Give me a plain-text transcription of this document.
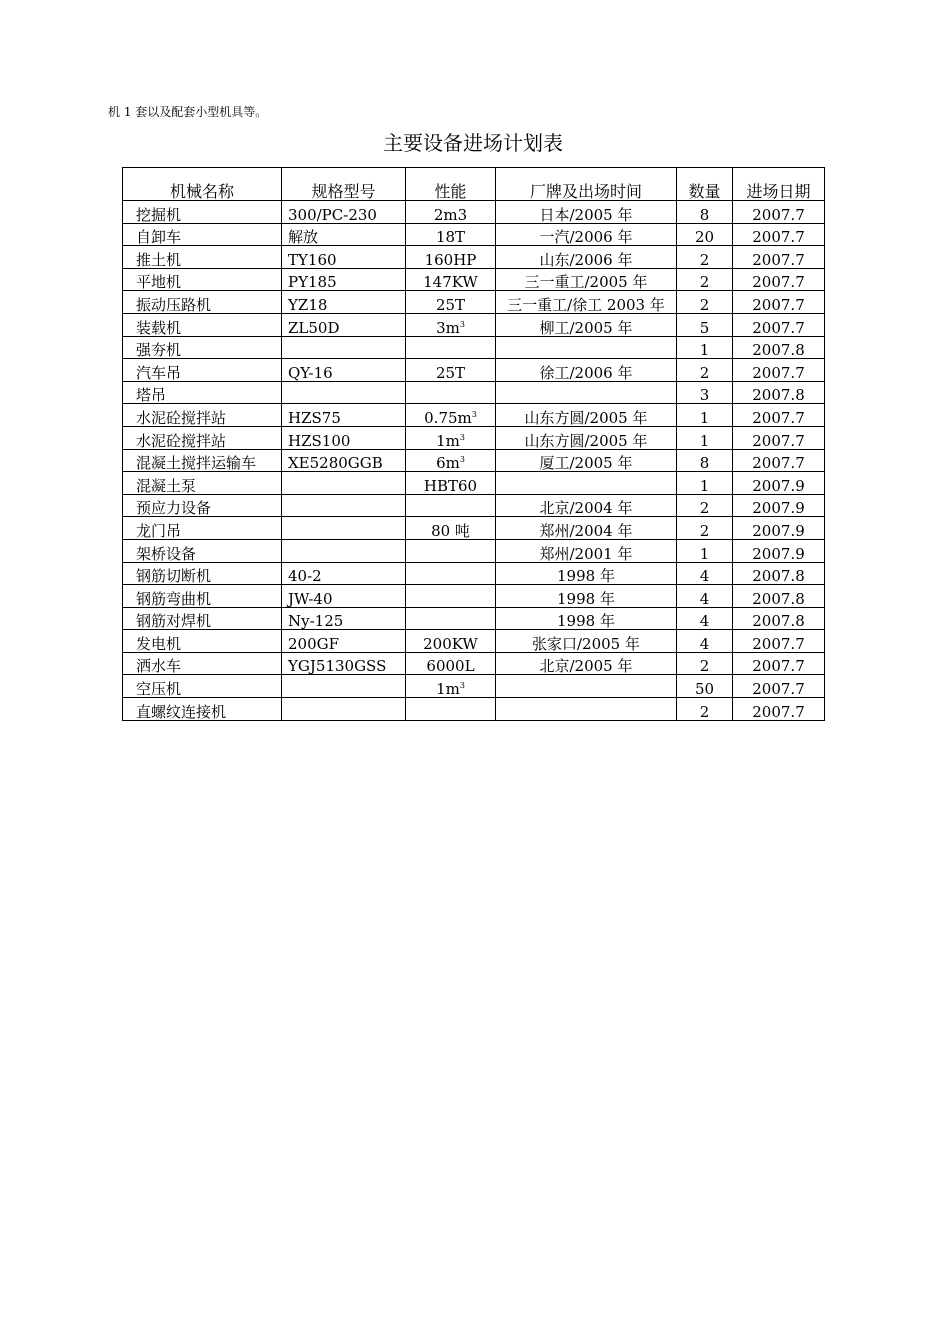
机 1 套以及配套小型机具等。
主要设备进场计划表
机械名称	规格型号	性能	厂牌及出场时间	数量	进场日期
挖掘机	300/PC-230	2m3	日本/2005 年	8	2007.7
自卸车	解放	18T	一汽/2006 年	20	2007.7
推土机	TY160	160HP	山东/2006 年	2	2007.7
平地机	PY185	147KW	三一重工/2005 年	2	2007.7
振动压路机	YZ18	25T	三一重工/徐工 2003 年	2	2007.7
装载机	ZL50D	$3m^3$	柳工/2005 年	5	2007.7
强夯机				1	2007.8
汽车吊	QY-16	25T	徐工/2006 年	2	2007.7
塔吊				3	2007.8
水泥砼搅拌站	HZS75	$0.75m^3$	山东方圆/2005 年	1	2007.7
水泥砼搅拌站	HZS100	$1m^3$	山东方圆/2005 年	1	2007.7
混凝土搅拌运输车	XE5280GGB	$6m^3$	厦工/2005 年	8	2007.7
混凝土泵		HBT60		1	2007.9
预应力设备			北京/2004 年	2	2007.9
龙门吊		80 吨	郑州/2004 年	2	2007.9
架桥设备			郑州/2001 年	1	2007.9
钢筋切断机	40-2		1998 年	4	2007.8
钢筋弯曲机	JW-40		1998 年	4	2007.8
钢筋对焊机	Ny-125		1998 年	4	2007.8
发电机	200GF	200KW	张家口/2005 年	4	2007.7
洒水车	YGJ5130GSS	6000L	北京/2005 年	2	2007.7
空压机		$1m^3$		50	2007.7
直螺纹连接机				2	2007.7
